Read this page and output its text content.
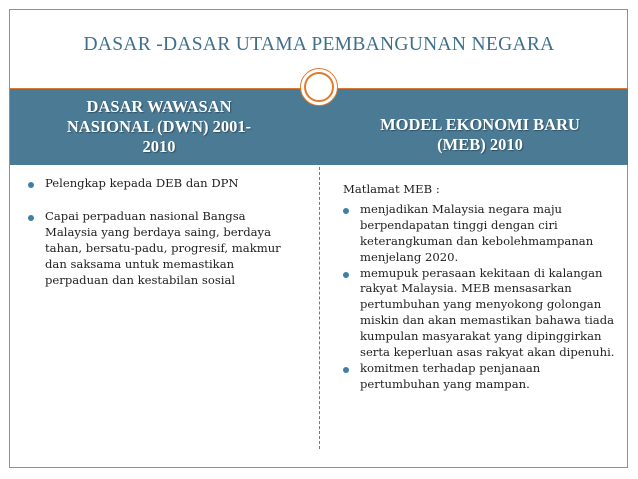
DASAR -DASAR UTAMA PEMBANGUNAN NEGARA
DASAR WAWASAN
NASIONAL (DWN) 2001-
2010
MODEL EKONOMI BARU
(MEB) 2010
Pelengkap kepada DEB dan DPN
Capai perpaduan nasional Bangsa Malaysia yang berdaya saing, berdaya tahan, bersatu-padu, progresif, makmur dan saksama untuk memastikan perpaduan dan kestabilan sosial
Matlamat MEB :
menjadikan Malaysia negara maju berpendapatan tinggi dengan ciri keterangkuman dan kebolehmampanan menjelang 2020.
memupuk perasaan kekitaan di kalangan rakyat Malaysia. MEB mensasarkan pertumbuhan yang menyokong golongan miskin dan akan memastikan bahawa tiada kumpulan masyarakat yang dipinggirkan serta keperluan asas rakyat akan dipenuhi.
komitmen terhadap penjanaan pertumbuhan yang mampan.
